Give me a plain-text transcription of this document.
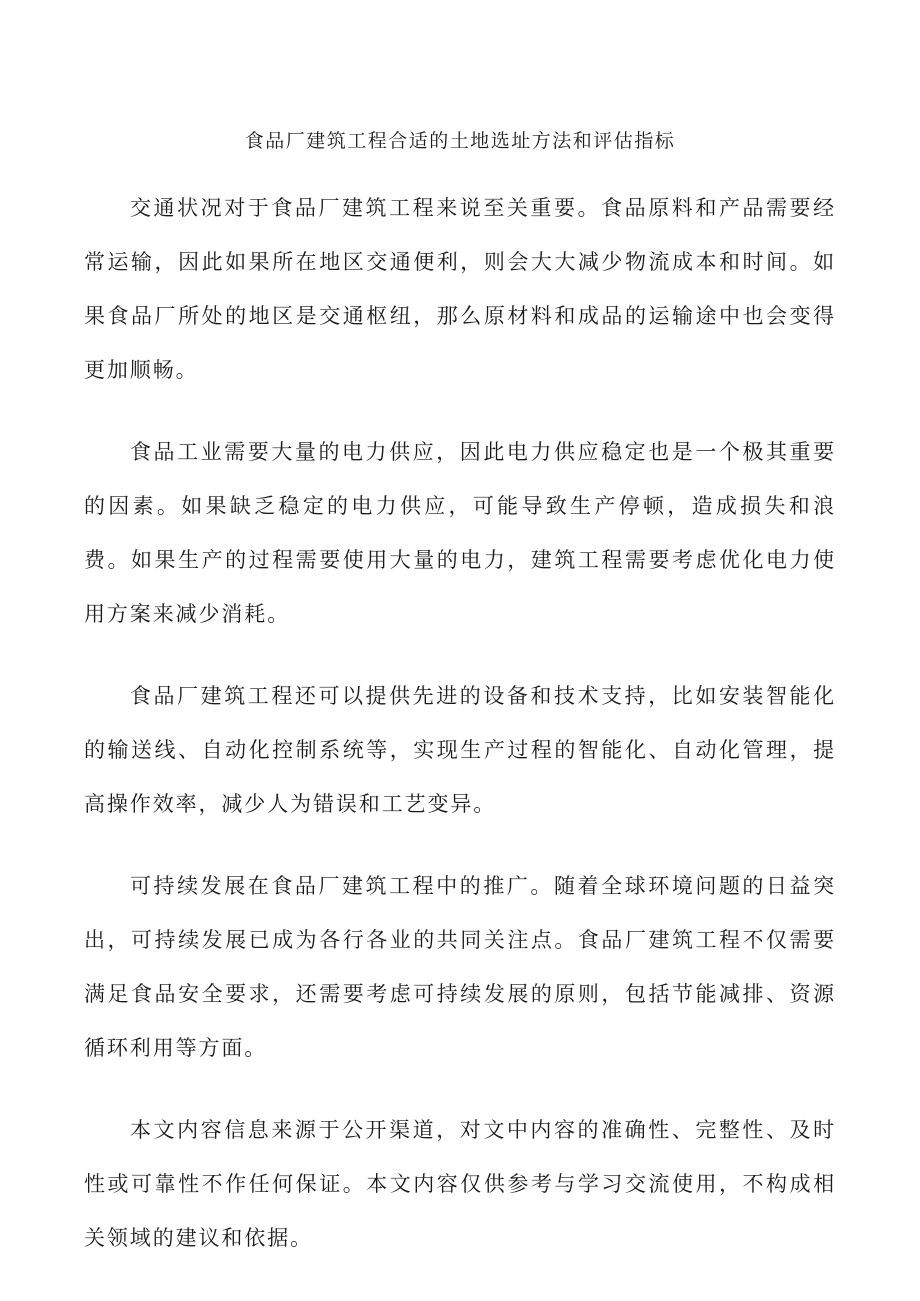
食品厂建筑工程合适的土地选址方法和评估指标

交通状况对于食品厂建筑工程来说至关重要。食品原料和产品需要经常运输，因此如果所在地区交通便利，则会大大减少物流成本和时间。如果食品厂所处的地区是交通枢纽，那么原材料和成品的运输途中也会变得更加顺畅。

食品工业需要大量的电力供应，因此电力供应稳定也是一个极其重要的因素。如果缺乏稳定的电力供应，可能导致生产停顿，造成损失和浪费。如果生产的过程需要使用大量的电力，建筑工程需要考虑优化电力使用方案来减少消耗。

食品厂建筑工程还可以提供先进的设备和技术支持，比如安装智能化的输送线、自动化控制系统等，实现生产过程的智能化、自动化管理，提高操作效率，减少人为错误和工艺变异。

可持续发展在食品厂建筑工程中的推广。随着全球环境问题的日益突出，可持续发展已成为各行各业的共同关注点。食品厂建筑工程不仅需要满足食品安全要求，还需要考虑可持续发展的原则，包括节能减排、资源循环利用等方面。

本文内容信息来源于公开渠道，对文中内容的准确性、完整性、及时性或可靠性不作任何保证。本文内容仅供参考与学习交流使用，不构成相关领域的建议和依据。
